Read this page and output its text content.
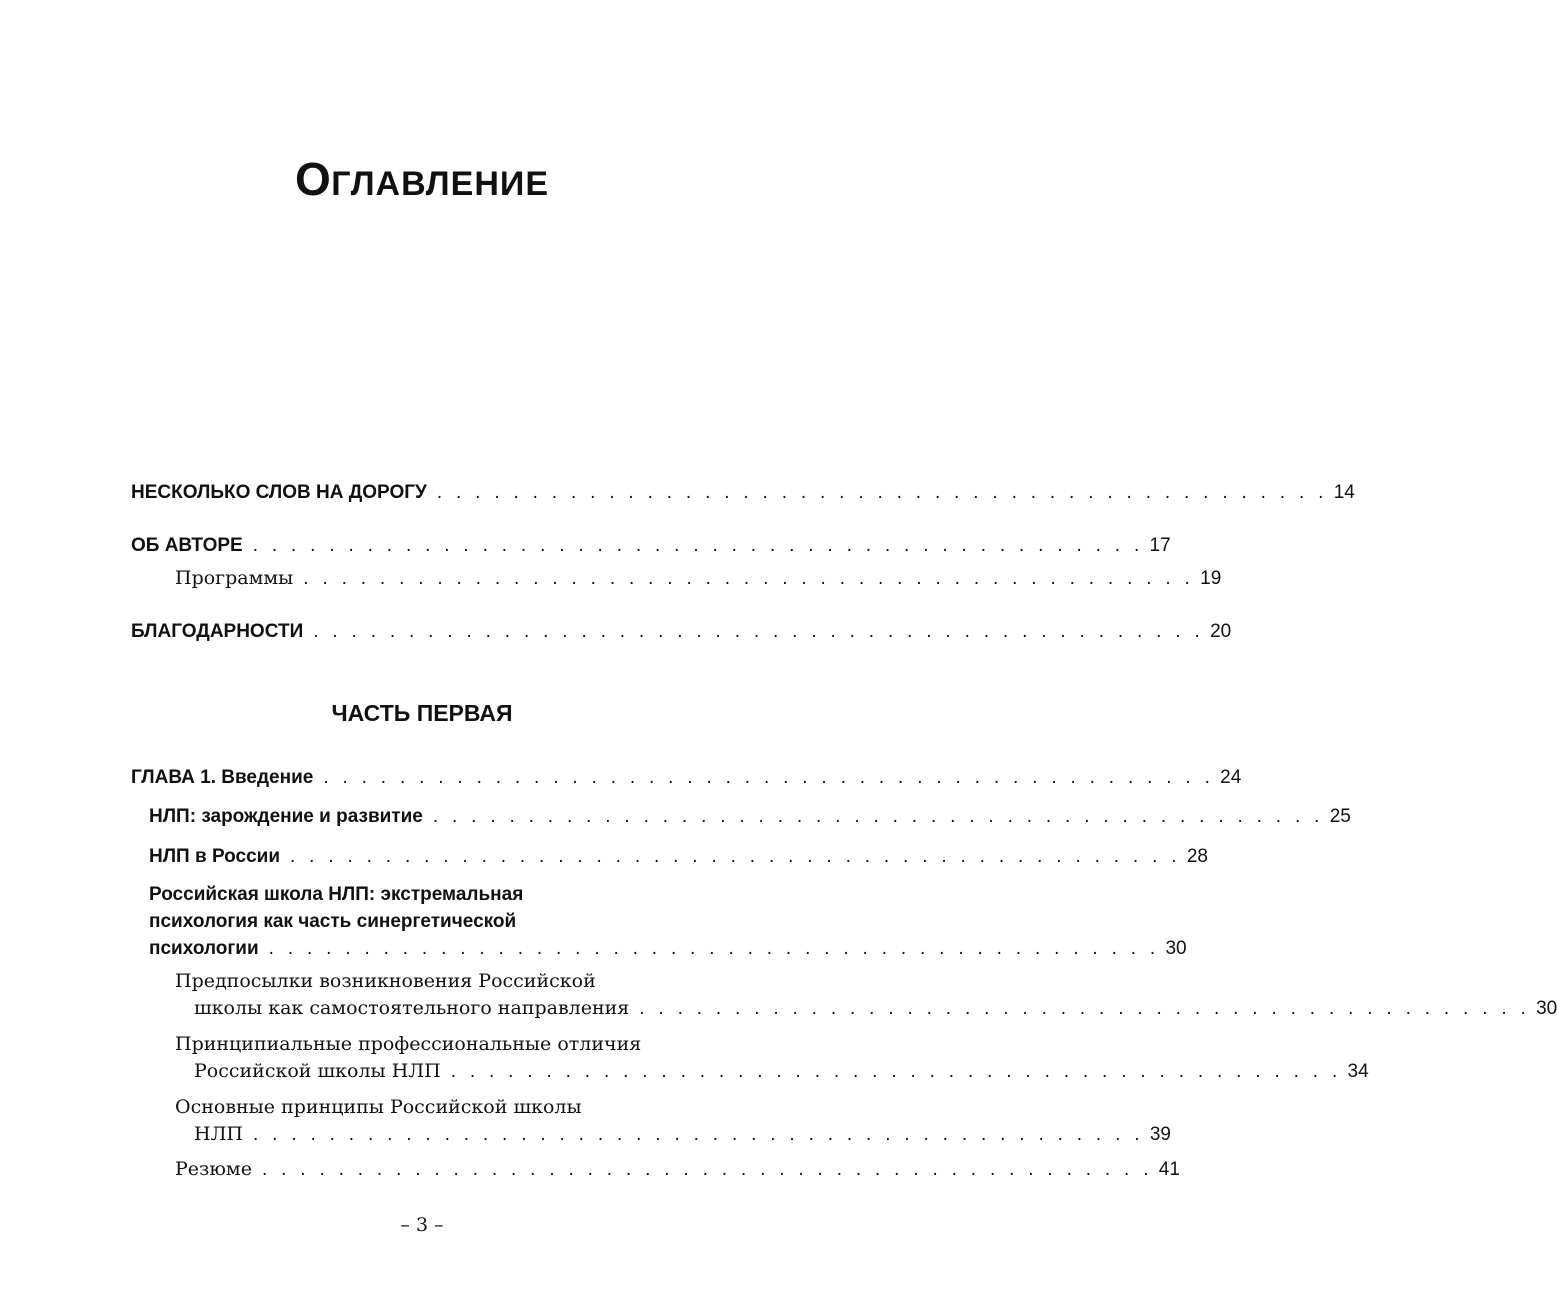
ОГЛАВЛЕНИЕ
НЕСКОЛЬКО СЛОВ НА ДОРОГУ . . . . . . . . . . . . . . . . . . . . . . . . . . . . . . . . . . . . . . . . . . . . . . . 14
ОБ АВТОРЕ . . . . . . . . . . . . . . . . . . . . . . . . . . . . . . . . . . . . . . . . . . . . . . . 17
Программы . . . . . . . . . . . . . . . . . . . . . . . . . . . . . . . . . . . . . . . . . . . . . . . 19
БЛАГОДАРНОСТИ . . . . . . . . . . . . . . . . . . . . . . . . . . . . . . . . . . . . . . . . . . . . . . . 20
ЧАСТЬ ПЕРВАЯ
ГЛАВА 1. Введение . . . . . . . . . . . . . . . . . . . . . . . . . . . . . . . . . . . . . . . . . . . . . . . 24
НЛП: зарождение и развитие . . . . . . . . . . . . . . . . . . . . . . . . . . . . . . . . . . . . . . . . . . . . . . . 25
НЛП в России . . . . . . . . . . . . . . . . . . . . . . . . . . . . . . . . . . . . . . . . . . . . . . . 28
Российская школа НЛП: экстремальная
психология как часть синергетической
психологии . . . . . . . . . . . . . . . . . . . . . . . . . . . . . . . . . . . . . . . . . . . . . . . 30
Предпосылки возникновения Российской
школы как самостоятельного направления . . . . . . . . . . . . . . . . . . . . . . . . . . . . . . . . . . . . . . . . . . . . . . . 30
Принципиальные профессиональные отличия
Российской школы НЛП . . . . . . . . . . . . . . . . . . . . . . . . . . . . . . . . . . . . . . . . . . . . . . . 34
Основные принципы Российской школы
НЛП . . . . . . . . . . . . . . . . . . . . . . . . . . . . . . . . . . . . . . . . . . . . . . . 39
Резюме . . . . . . . . . . . . . . . . . . . . . . . . . . . . . . . . . . . . . . . . . . . . . . . 41
– 3 –
